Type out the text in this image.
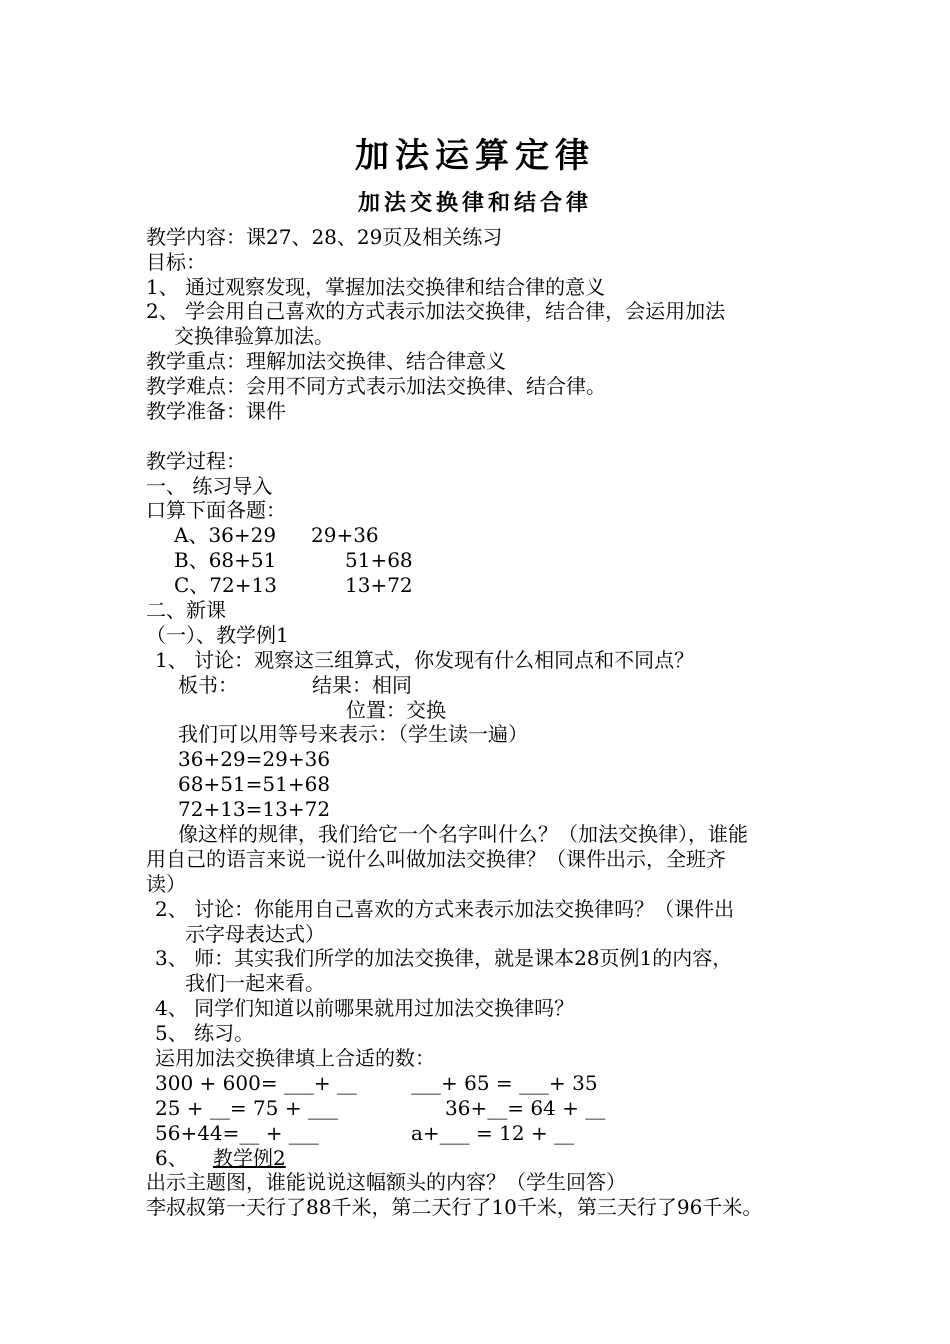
加法运算定律
加法交换律和结合律
教学内容：课27、28、29页及相关练习
目标：
1、 通过观察发现，掌握加法交换律和结合律的意义
2、 学会用自己喜欢的方式表示加法交换律，结合律，会运用加法
交换律验算加法。
教学重点：理解加法交换律、结合律意义
教学难点：会用不同方式表示加法交换律、结合律。
教学准备：课件
教学过程：
一、 练习导入
口算下面各题：
A、36+29 29+36
B、68+51	51+68
C、72+13	13+72
二、新课
（一）、教学例1
1、 讨论：观察这三组算式，你发现有什么相同点和不同点？
板书：	结果：相同
位置：交换
我们可以用等号来表示：（学生读一遍）
36+29=29+36
68+51=51+68
72+13=13+72
像这样的规律，我们给它一个名字叫什么？（加法交换律），谁能
用自己的语言来说一说什么叫做加法交换律？（课件出示，全班齐
读）
2、 讨论：你能用自己喜欢的方式来表示加法交换律吗？（课件出
示字母表达式）
3、 师：其实我们所学的加法交换律，就是课本28页例1的内容，
我们一起来看。
4、 同学们知道以前哪果就用过加法交换律吗？
5、 练习。
运用加法交换律填上合适的数：
300 + 600= ___+ __	___+ 65 = ___+ 35
25 + __= 75 + ___	36+__= 64 + __
56+44=__ + ___	a+___ = 12 + __
6、 教学例2
出示主题图，谁能说说这幅额头的内容？（学生回答）
李叔叔第一天行了88千米，第二天行了10千米，第三天行了96千米。
